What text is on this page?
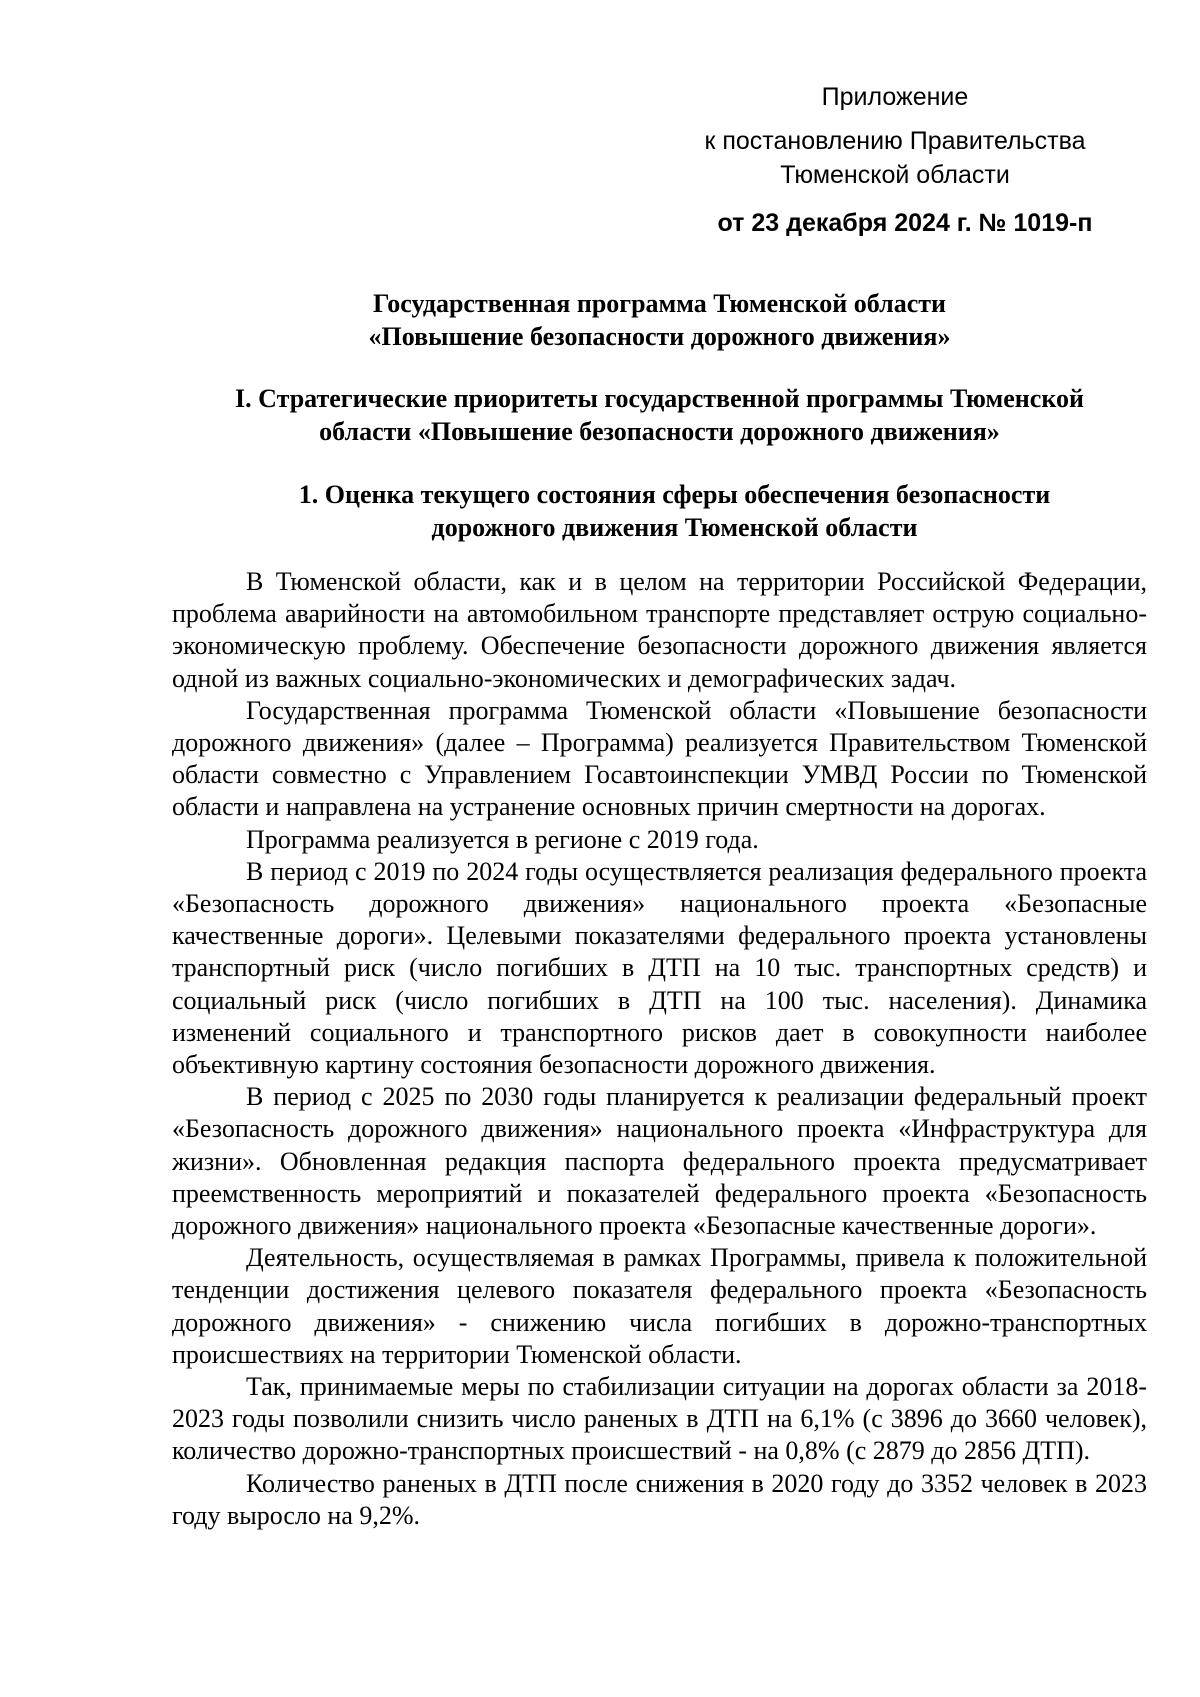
Приложение
к постановлению Правительства
Тюменской области
от 23 декабря 2024 г. № 1019-п
Государственная программа Тюменской области
«Повышение безопасности дорожного движения»
I. Стратегические приоритеты государственной программы Тюменской
области «Повышение безопасности дорожного движения»
1. Оценка текущего состояния сферы обеспечения безопасности
дорожного движения Тюменской области

В Тюменской области, как и в целом на территории Российской Федерации, проблема аварийности на автомобильном транспорте представляет острую социально-экономическую проблему. Обеспечение безопасности дорожного движения является одной из важных социально-экономических и демографических задач.

Государственная программа Тюменской области «Повышение безопасности дорожного движения» (далее – Программа) реализуется Правительством Тюменской области совместно с Управлением Госавтоинспекции УМВД России по Тюменской области и направлена на устранение основных причин смертности на дорогах.

Программа реализуется в регионе с 2019 года.

В период с 2019 по 2024 годы осуществляется реализация федерального проекта «Безопасность дорожного движения» национального проекта «Безопасные качественные дороги». Целевыми показателями федерального проекта установлены транспортный риск (число погибших в ДТП на 10 тыс. транспортных средств) и социальный риск (число погибших в ДТП на 100 тыс. населения). Динамика изменений социального и транспортного рисков дает в совокупности наиболее объективную картину состояния безопасности дорожного движения.

В период с 2025 по 2030 годы планируется к реализации федеральный проект «Безопасность дорожного движения» национального проекта «Инфраструктура для жизни». Обновленная редакция паспорта федерального проекта предусматривает преемственность мероприятий и показателей федерального проекта «Безопасность дорожного движения» национального проекта «Безопасные качественные дороги».

Деятельность, осуществляемая в рамках Программы, привела к положительной тенденции достижения целевого показателя федерального проекта «Безопасность дорожного движения» - снижению числа погибших в дорожно-транспортных происшествиях на территории Тюменской области.

Так, принимаемые меры по стабилизации ситуации на дорогах области за 2018-2023 годы позволили снизить число раненых в ДТП на 6,1% (с 3896 до 3660 человек), количество дорожно-транспортных происшествий - на 0,8% (с 2879 до 2856 ДТП).

Количество раненых в ДТП после снижения в 2020 году до 3352 человек в 2023 году выросло на 9,2%.
